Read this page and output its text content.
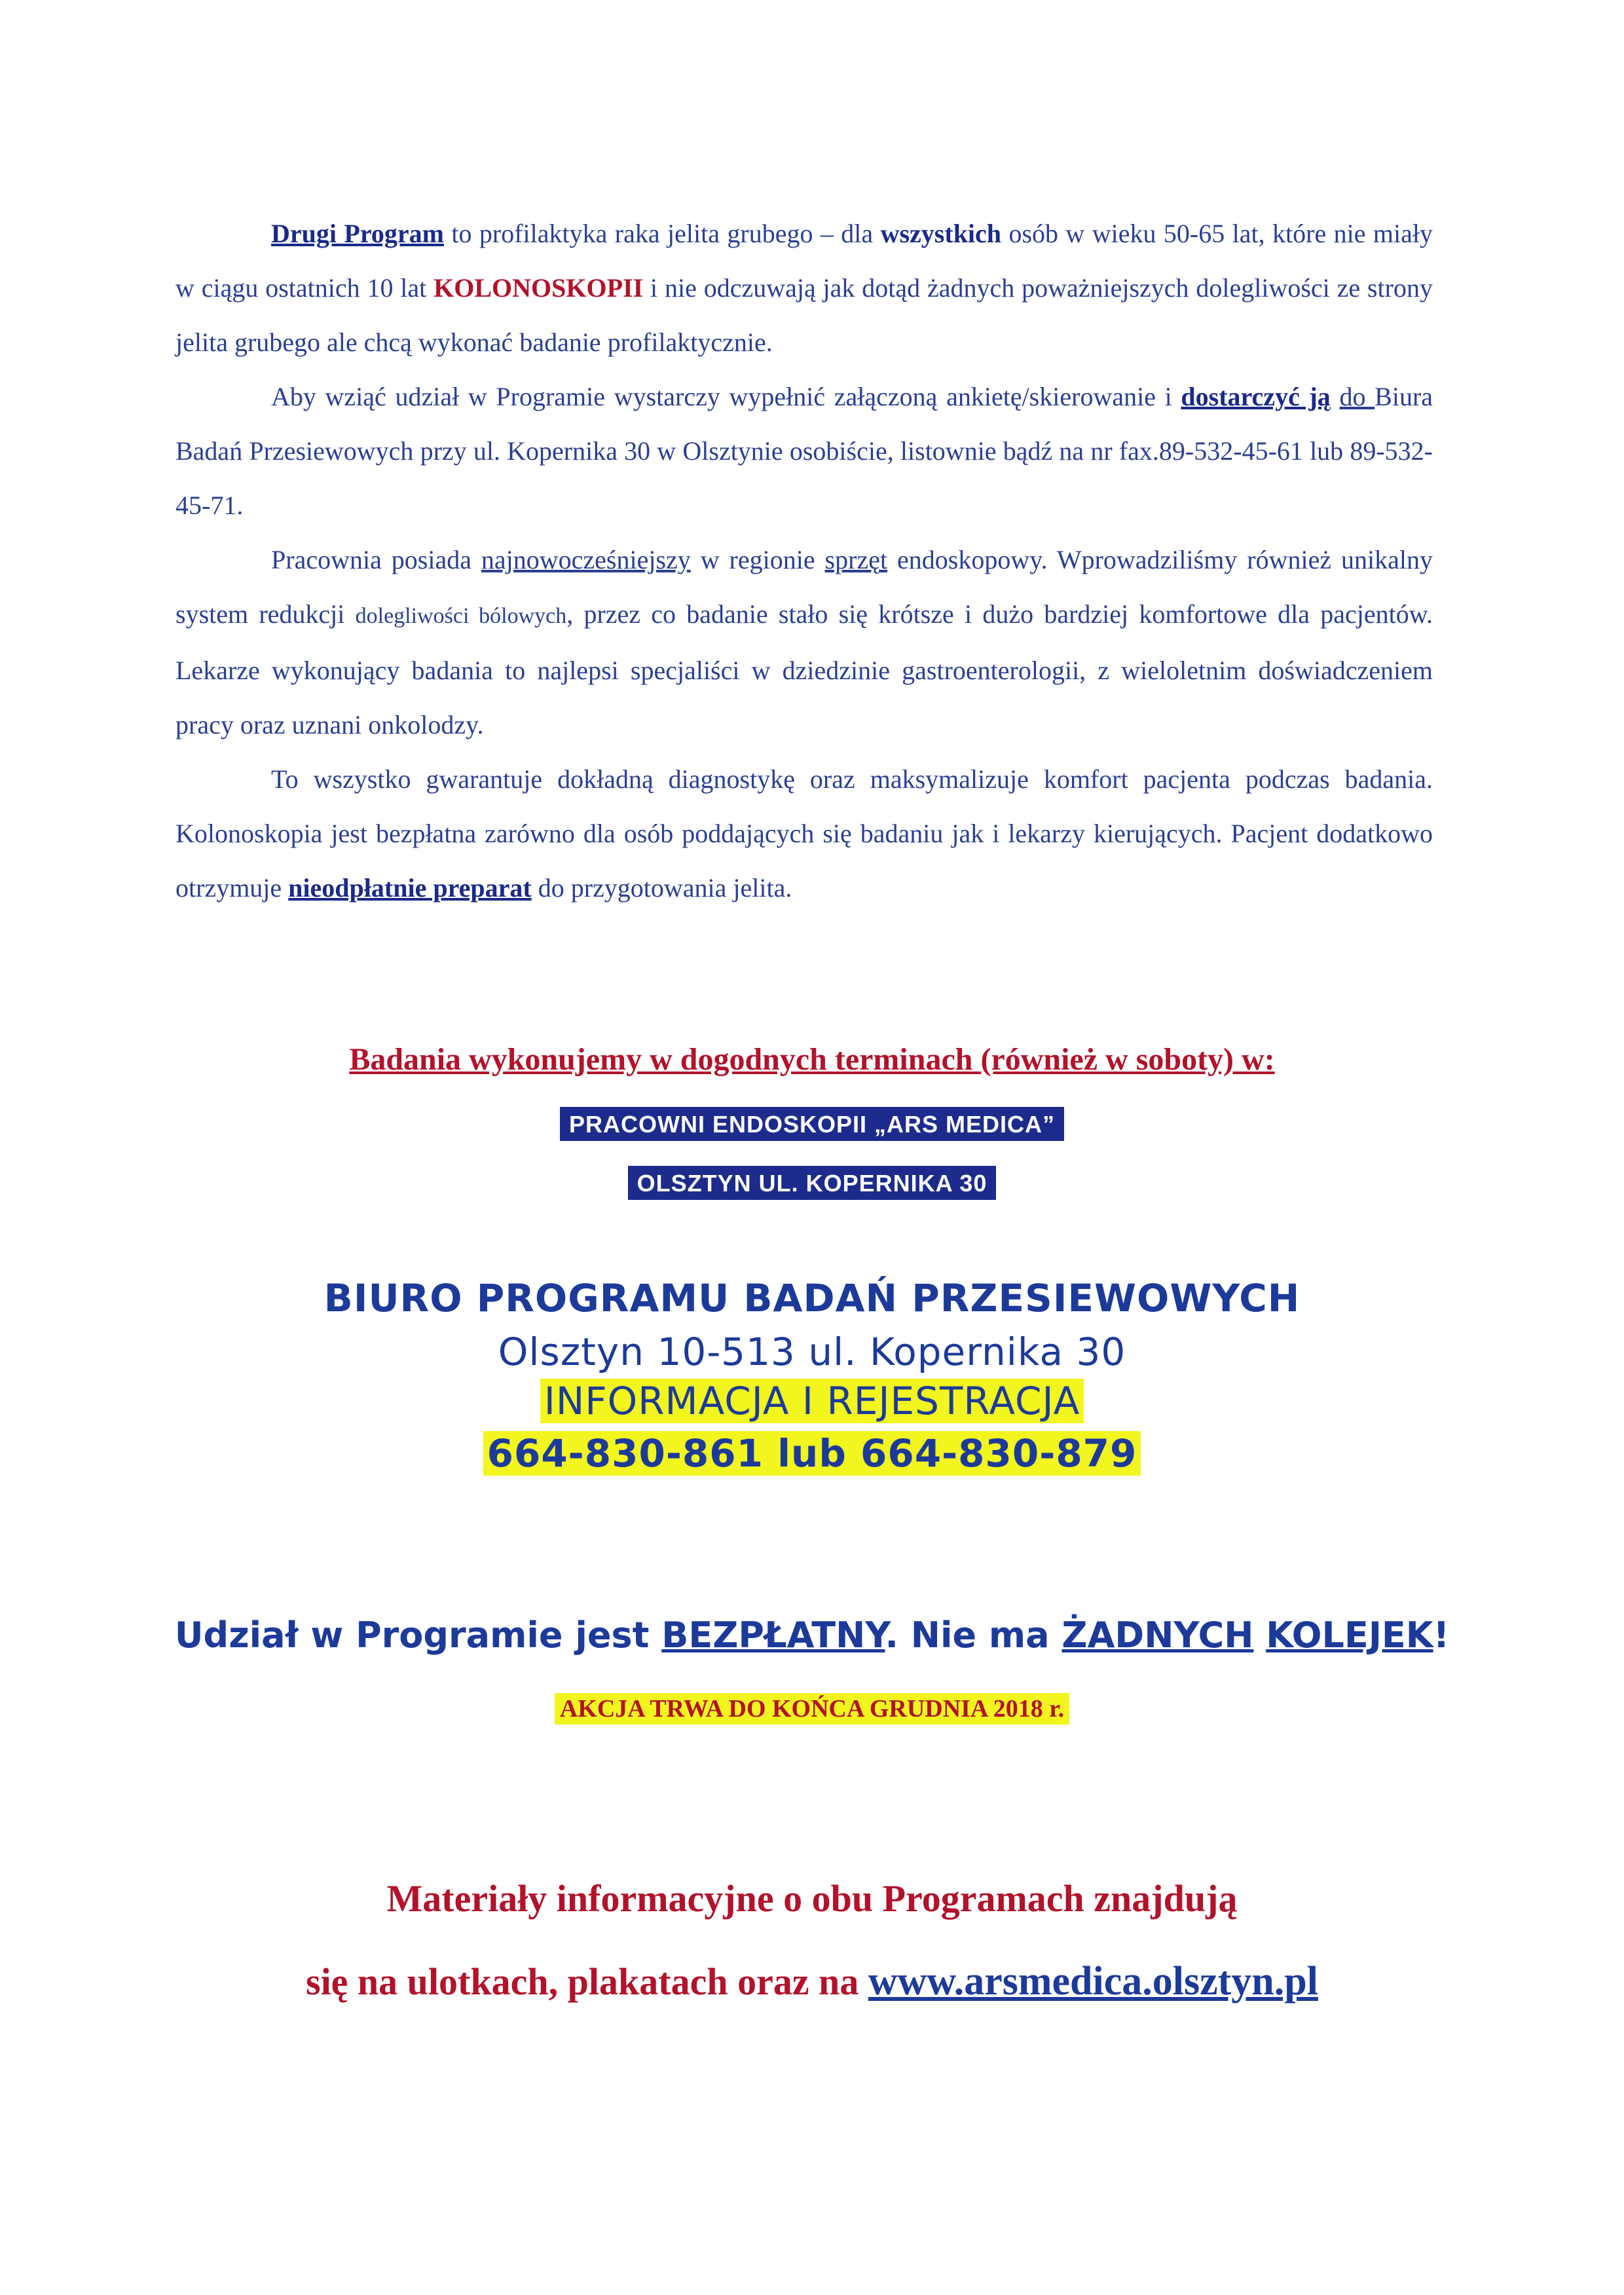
Drugi Program to profilaktyka raka jelita grubego – dla wszystkich osób w wieku 50-65 lat, które nie miały w ciągu ostatnich 10 lat KOLONOSKOPII i nie odczuwają jak dotąd żadnych poważniejszych dolegliwości ze strony jelita grubego ale chcą wykonać badanie profilaktycznie.

Aby wziąć udział w Programie wystarczy wypełnić załączoną ankietę/skierowanie i dostarczyć ją do Biura Badań Przesiewowych przy ul. Kopernika 30 w Olsztynie osobiście, listownie bądź na nr fax.89-532-45-61 lub 89-532-45-71.

Pracownia posiada najnowocześniejszy w regionie sprzęt endoskopowy. Wprowadziliśmy również unikalny system redukcji dolegliwości bólowych, przez co badanie stało się krótsze i dużo bardziej komfortowe dla pacjentów. Lekarze wykonujący badania to najlepsi specjaliści w dziedzinie gastroenterologii, z wieloletnim doświadczeniem pracy oraz uznani onkolodzy.

To wszystko gwarantuje dokładną diagnostykę oraz maksymalizuje komfort pacjenta podczas badania. Kolonoskopia jest bezpłatna zarówno dla osób poddających się badaniu jak i lekarzy kierujących. Pacjent dodatkowo otrzymuje nieodpłatnie preparat do przygotowania jelita.

Badania wykonujemy w dogodnych terminach (również w soboty) w:
PRACOWNI ENDOSKOPII „ARS MEDICA”
OLSZTYN UL. KOPERNIKA 30
BIURO PROGRAMU BADAŃ PRZESIEWOWYCH
Olsztyn 10-513 ul. Kopernika 30
INFORMACJA I REJESTRACJA
664-830-861 lub 664-830-879
Udział w Programie jest BEZPŁATNY. Nie ma ŻADNYCH KOLEJEK!
AKCJA TRWA DO KOŃCA GRUDNIA 2018 r.
Materiały informacyjne o obu Programach znajdują
się na ulotkach, plakatach oraz na www.arsmedica.olsztyn.pl
